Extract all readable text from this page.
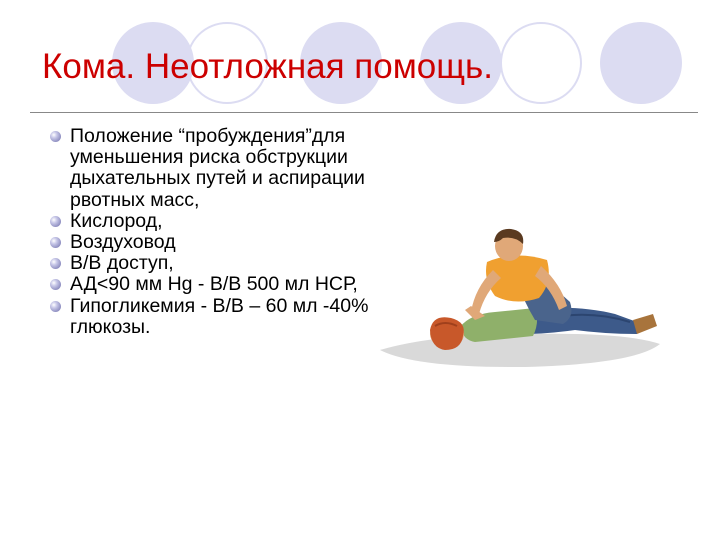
Кома. Неотложная помощь.
Положение “пробуждения”для уменьшения риска обструкции дыхательных путей и аспирации рвотных масс,
Кислород,
Воздуховод
В/В доступ,
АД<90 мм Hg - В/В 500 мл НСР,
Гипогликемия - В/В – 60 мл -40% глюкозы.
